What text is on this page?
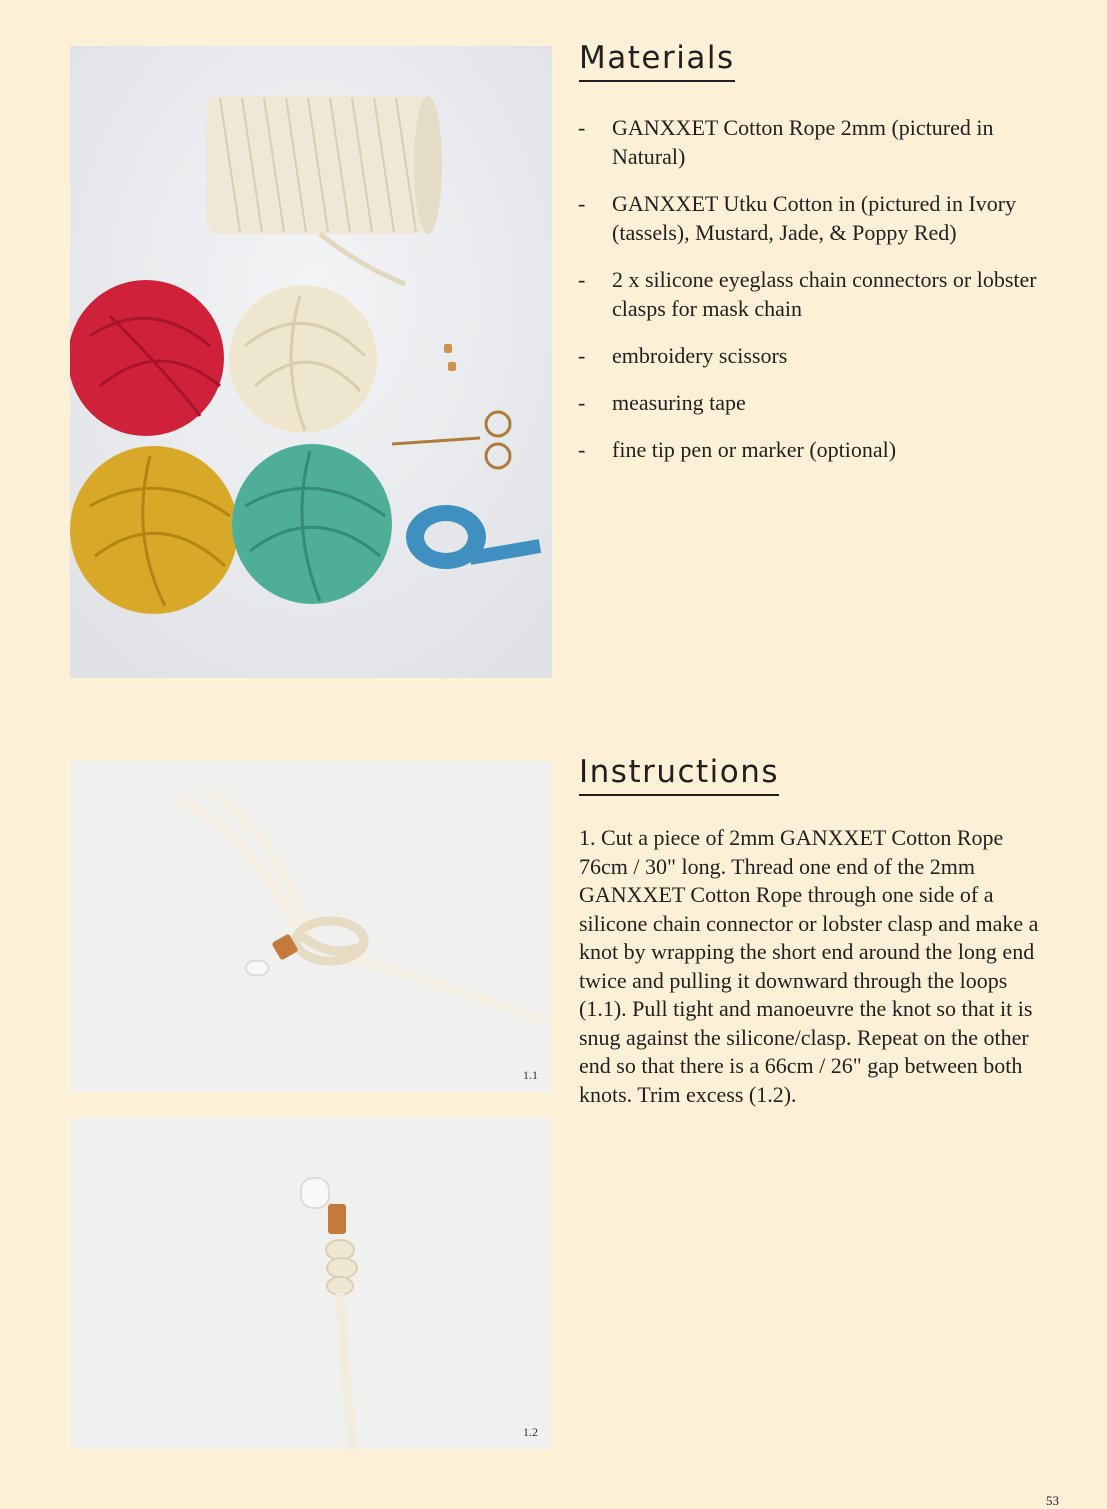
Materials
- GANXXET Cotton Rope 2mm (pictured in Natural)
- GANXXET Utku Cotton in (pictured in Ivory (tassels), Mustard, Jade, & Poppy Red)
- 2 x silicone eyeglass chain connectors or lobster clasps for mask chain
- embroidery scissors
- measuring tape
- fine tip pen or marker (optional)
1.1
1.2
Instructions

1. Cut a piece of 2mm GANXXET Cotton Rope 76cm / 30" long. Thread one end of the 2mm GANXXET Cotton Rope through one side of a silicone chain connector or lobster clasp and make a knot by wrapping the short end around the long end twice and pulling it downward through the loops (1.1). Pull tight and manoeuvre the knot so that it is snug against the silicone/clasp. Repeat on the other end so that there is a 66cm / 26" gap between both knots. Trim excess (1.2).

53
